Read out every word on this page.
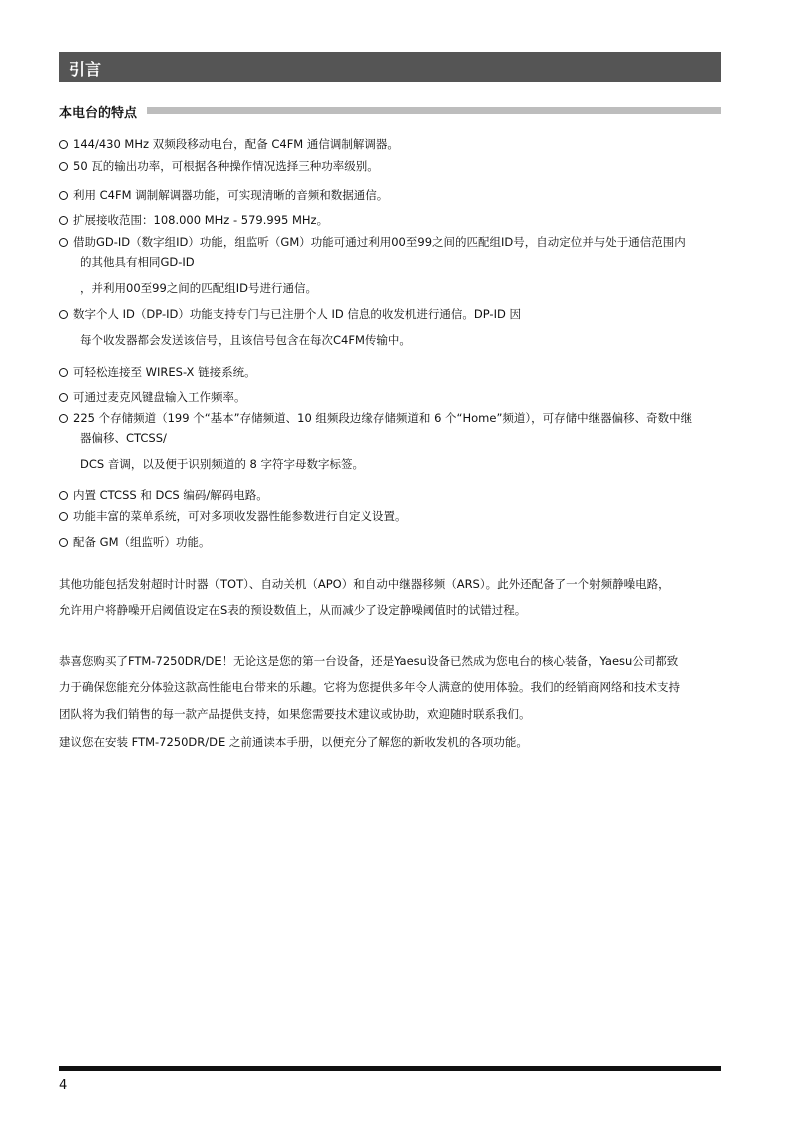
引言
本电台的特点
144/430 MHz 双频段移动电台，配备 C4FM 通信调制解调器。
50 瓦的输出功率，可根据各种操作情况选择三种功率级别。
利用 C4FM 调制解调器功能，可实现清晰的音频和数据通信。
扩展接收范围：108.000 MHz - 579.995 MHz。
借助GD-ID（数字组ID）功能，组监听（GM）功能可通过利用00至99之间的匹配组ID号，自动定位并与处于通信范围内
的其他具有相同GD-ID
，并利用00至99之间的匹配组ID号进行通信。
数字个人 ID（DP-ID）功能支持专门与已注册个人 ID 信息的收发机进行通信。DP-ID 因
每个收发器都会发送该信号，且该信号包含在每次C4FM传输中。
可轻松连接至 WIRES-X 链接系统。
可通过麦克风键盘输入工作频率。
225 个存储频道（199 个“基本”存储频道、10 组频段边缘存储频道和 6 个“Home”频道），可存储中继器偏移、奇数中继
器偏移、CTCSS/
DCS 音调，以及便于识别频道的 8 字符字母数字标签。
内置 CTCSS 和 DCS 编码/解码电路。
功能丰富的菜单系统，可对多项收发器性能参数进行自定义设置。
配备 GM（组监听）功能。
其他功能包括发射超时计时器（TOT）、自动关机（APO）和自动中继器移频（ARS）。此外还配备了一个射频静噪电路，
允许用户将静噪开启阈值设定在S表的预设数值上，从而减少了设定静噪阈值时的试错过程。
恭喜您购买了FTM-7250DR/DE！无论这是您的第一台设备，还是Yaesu设备已然成为您电台的核心装备，Yaesu公司都致
力于确保您能充分体验这款高性能电台带来的乐趣。它将为您提供多年令人满意的使用体验。我们的经销商网络和技术支持
团队将为我们销售的每一款产品提供支持，如果您需要技术建议或协助，欢迎随时联系我们。
建议您在安装 FTM-7250DR/DE 之前通读本手册，以便充分了解您的新收发机的各项功能。
4
